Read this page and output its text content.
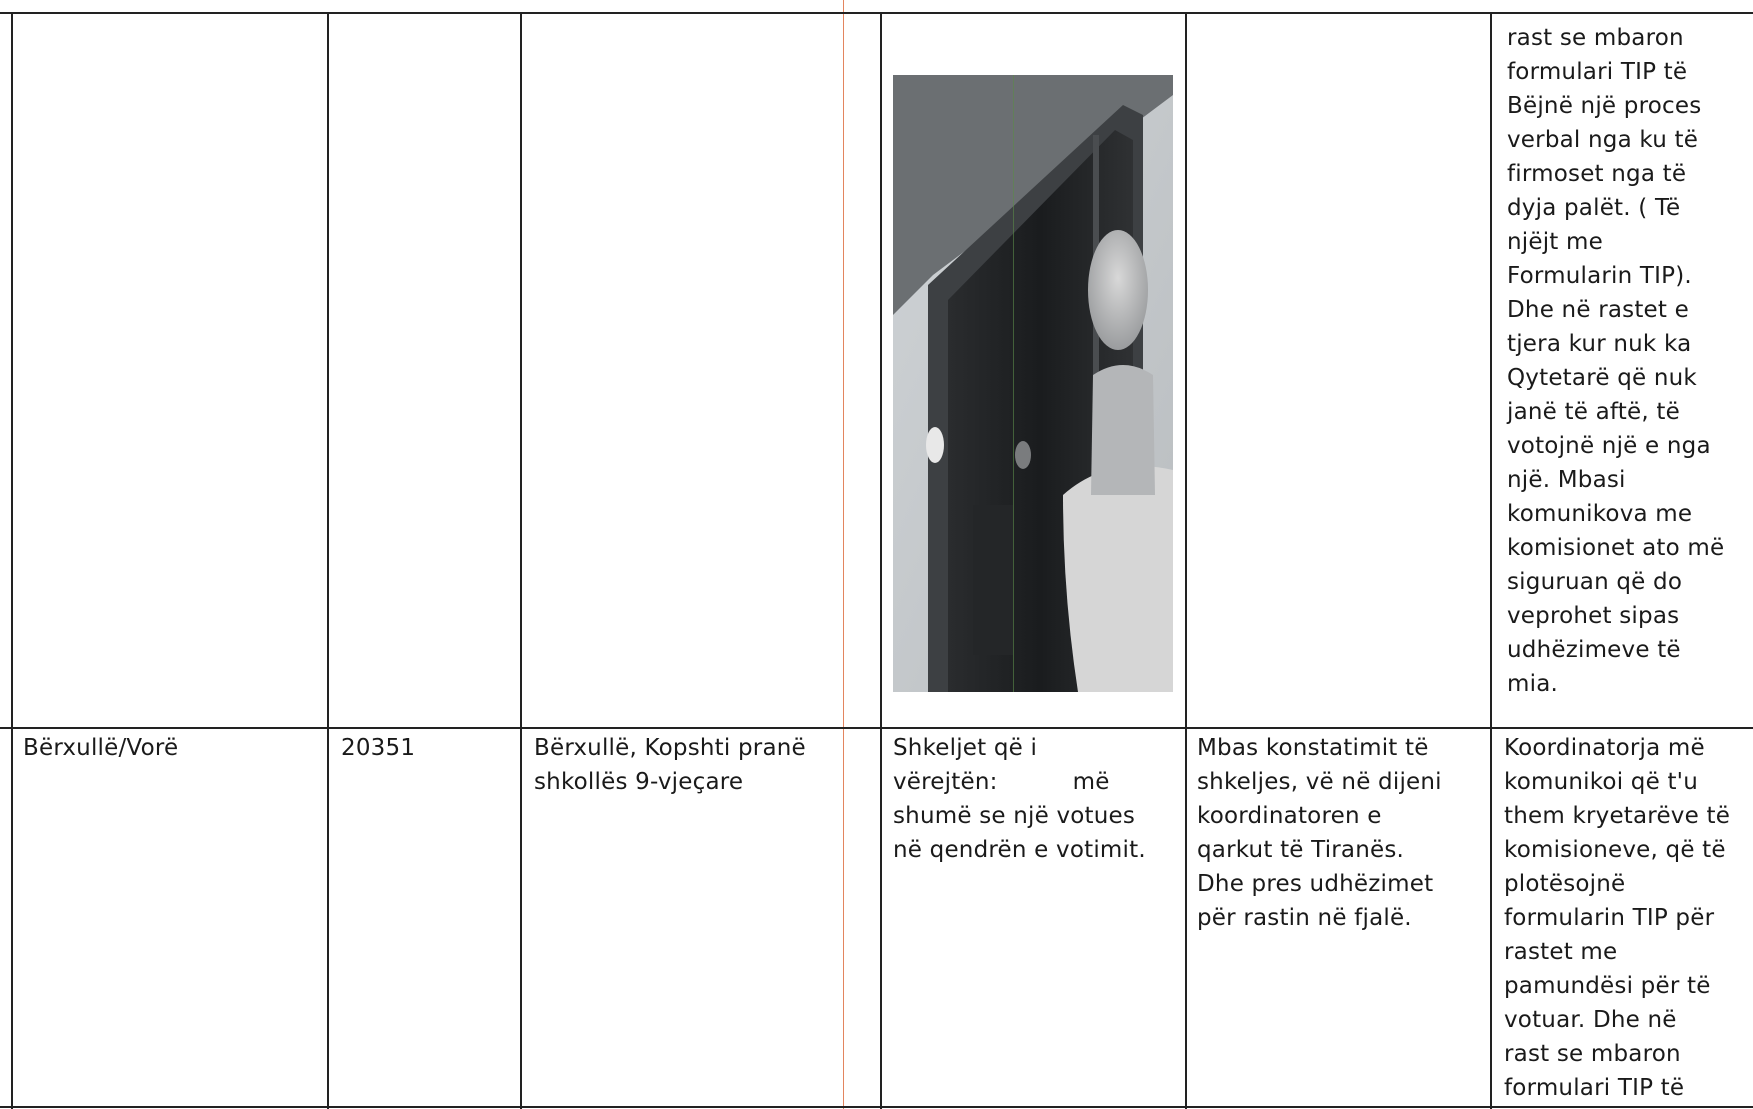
rast se mbaron
formulari TIP të
Bëjnë një proces
verbal nga ku të
firmoset nga të
dyja palët. ( Të
njëjt me
Formularin TIP).
Dhe në rastet e
tjera kur nuk ka
Qytetarë që nuk
janë të aftë, të
votojnë një e nga
një. Mbasi
komunikova me
komisionet ato më
siguruan që do
veprohet sipas
udhëzimeve të
mia.
Bërxullë/Vorë	20351	Bërxullë, Kopshti pranë
shkollës 9-vjeçare
Shkeljet që i
vërejtën:          më
shumë se një votues
në qendrën e votimit.
Mbas konstatimit të
shkeljes, vë në dijeni
koordinatoren e
qarkut të Tiranës.
Dhe pres udhëzimet
për rastin në fjalë.
Koordinatorja më
komunikoi që t'u
them kryetarëve të
komisioneve, që të
plotësojnë
formularin TIP për
rastet me
pamundësi për të
votuar. Dhe në
rast se mbaron
formulari TIP të
